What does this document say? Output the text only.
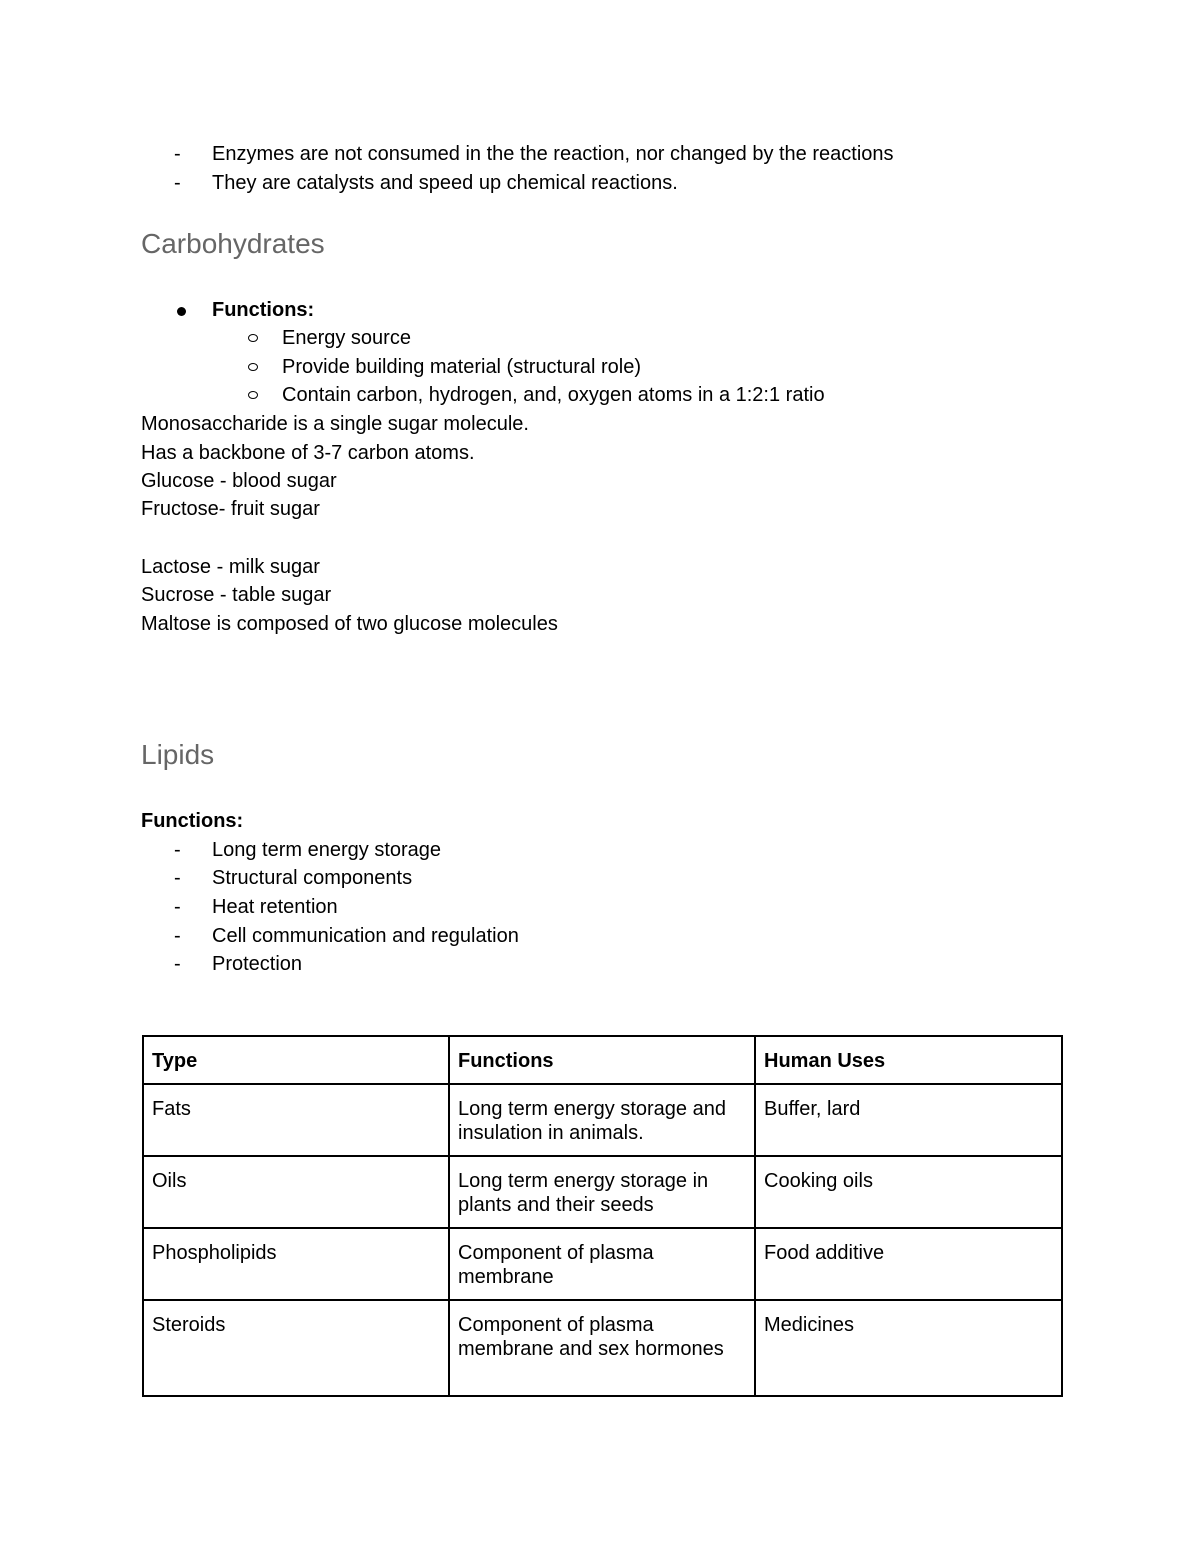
- Enzymes are not consumed in the the reaction, nor changed by the reactions
- They are catalysts and speed up chemical reactions.
Carbohydrates
Functions:
Energy source
Provide building material (structural role)
Contain carbon, hydrogen, and, oxygen atoms in a 1:2:1 ratio
Monosaccharide is a single sugar molecule.
Has a backbone of 3-7 carbon atoms.
Glucose - blood sugar
Fructose- fruit sugar
Lactose - milk sugar
Sucrose - table sugar
Maltose is composed of two glucose molecules
Lipids
Functions:
- Long term energy storage
- Structural components
- Heat retention
- Cell communication and regulation
- Protection
Type	Functions	Human Uses
Fats	Long term energy storage and insulation in animals.	Buffer, lard
Oils	Long term energy storage in plants and their seeds	Cooking oils
Phospholipids	Component of plasma membrane	Food additive
Steroids	Component of plasma membrane and sex hormones	Medicines
